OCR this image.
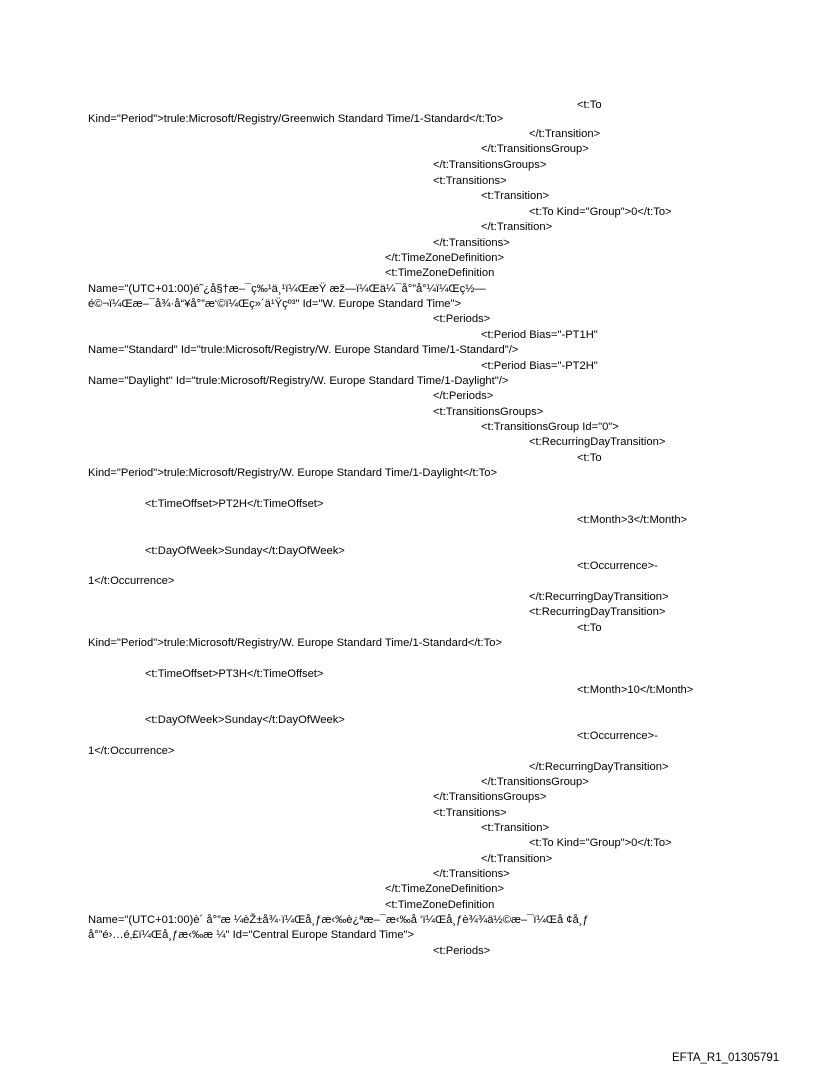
<t:To
Kind="Period">trule:Microsoft/Registry/Greenwich Standard Time/1-Standard</t:To>
</t:Transition>
</t:TransitionsGroup>
</t:TransitionsGroups>
<t:Transitions>
<t:Transition>
<t:To Kind="Group">0</t:To>
</t:Transition>
</t:Transitions>
</t:TimeZoneDefinition>
<t:TimeZoneDefinition
Name="(UTC+01:00)é˜¿å§†æ–¯ç‰¹ä¸¹ï¼ŒæŸ æž—ï¼Œä¼¯å°”å°¼ï¼Œç½—
é©¬ï¼Œæ–¯å¾·å“¥å°”æ‘©ï¼Œç»´ä¹Ÿçº³" Id="W. Europe Standard Time">
<t:Periods>
<t:Period Bias="-PT1H"
Name="Standard" Id="trule:Microsoft/Registry/W. Europe Standard Time/1-Standard"/>
<t:Period Bias="-PT2H"
Name="Daylight" Id="trule:Microsoft/Registry/W. Europe Standard Time/1-Daylight"/>
</t:Periods>
<t:TransitionsGroups>
<t:TransitionsGroup Id="0">
<t:RecurringDayTransition>
<t:To
Kind="Period">trule:Microsoft/Registry/W. Europe Standard Time/1-Daylight</t:To>
<t:TimeOffset>PT2H</t:TimeOffset>
<t:Month>3</t:Month>
<t:DayOfWeek>Sunday</t:DayOfWeek>
<t:Occurrence>-
1</t:Occurrence>
</t:RecurringDayTransition>
<t:RecurringDayTransition>
<t:To
Kind="Period">trule:Microsoft/Registry/W. Europe Standard Time/1-Standard</t:To>
<t:TimeOffset>PT3H</t:TimeOffset>
<t:Month>10</t:Month>
<t:DayOfWeek>Sunday</t:DayOfWeek>
<t:Occurrence>-
1</t:Occurrence>
</t:RecurringDayTransition>
</t:TransitionsGroup>
</t:TransitionsGroups>
<t:Transitions>
<t:Transition>
<t:To Kind="Group">0</t:To>
</t:Transition>
</t:Transitions>
</t:TimeZoneDefinition>
<t:TimeZoneDefinition
Name="(UTC+01:00)è´ å°”æ ¼èŽ±å¾·ï¼Œå¸ƒæ‹‰è¿ªæ–¯æ‹‰å ‘ï¼Œå¸ƒè¾¾ä½©æ–¯ï¼Œå ¢å¸ƒ
å°”é›…é‚£ï¼Œå¸ƒæ‹‰æ ¼" Id="Central Europe Standard Time">
<t:Periods>
EFTA_R1_01305791
